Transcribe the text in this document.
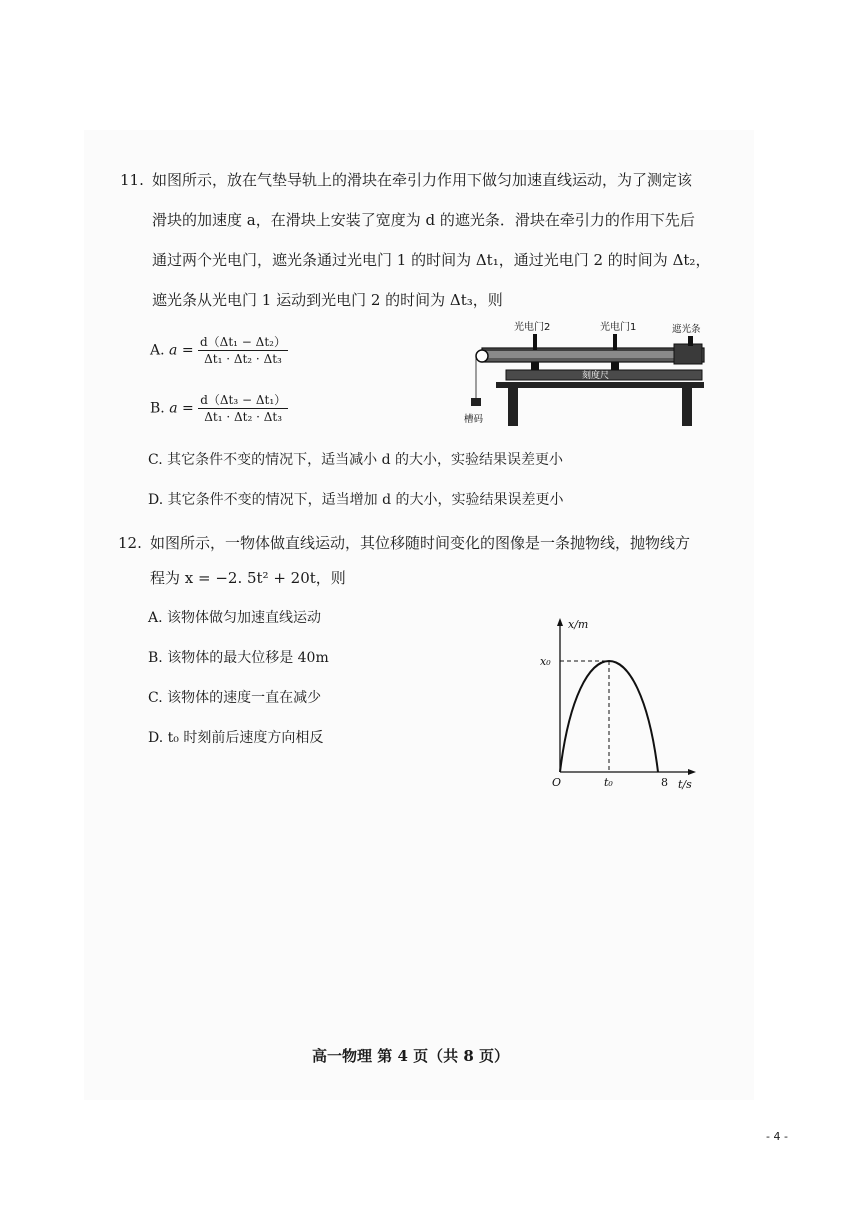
11. 如图所示，放在气垫导轨上的滑块在牵引力作用下做匀加速直线运动，为了测定该
滑块的加速度 a，在滑块上安装了宽度为 d 的遮光条．滑块在牵引力的作用下先后
通过两个光电门，遮光条通过光电门 1 的时间为 Δt₁，通过光电门 2 的时间为 Δt₂，
遮光条从光电门 1 运动到光电门 2 的时间为 Δt₃，则
A. $a = \frac{\text{d（Δt₁ − Δt₂）}}{\text{Δt₁ · Δt₂ · Δt₃}}$
B. $a = \frac{\text{d（Δt₃ − Δt₁）}}{\text{Δt₁ · Δt₂ · Δt₃}}$
C. 其它条件不变的情况下，适当减小 d 的大小，实验结果误差更小
D. 其它条件不变的情况下，适当增加 d 的大小，实验结果误差更小
光电门2	光电门1	遮光条
刻度尺
槽码
12. 如图所示，一物体做直线运动，其位移随时间变化的图像是一条抛物线，抛物线方
程为 x = −2. 5t² + 20t，则
A. 该物体做匀加速直线运动
B. 该物体的最大位移是 40m
C. 该物体的速度一直在减少
D. t₀ 时刻前后速度方向相反
x/m
t/s
O
x₀
t₀	8
高一物理 第 4 页（共 8 页）
- 4 -
